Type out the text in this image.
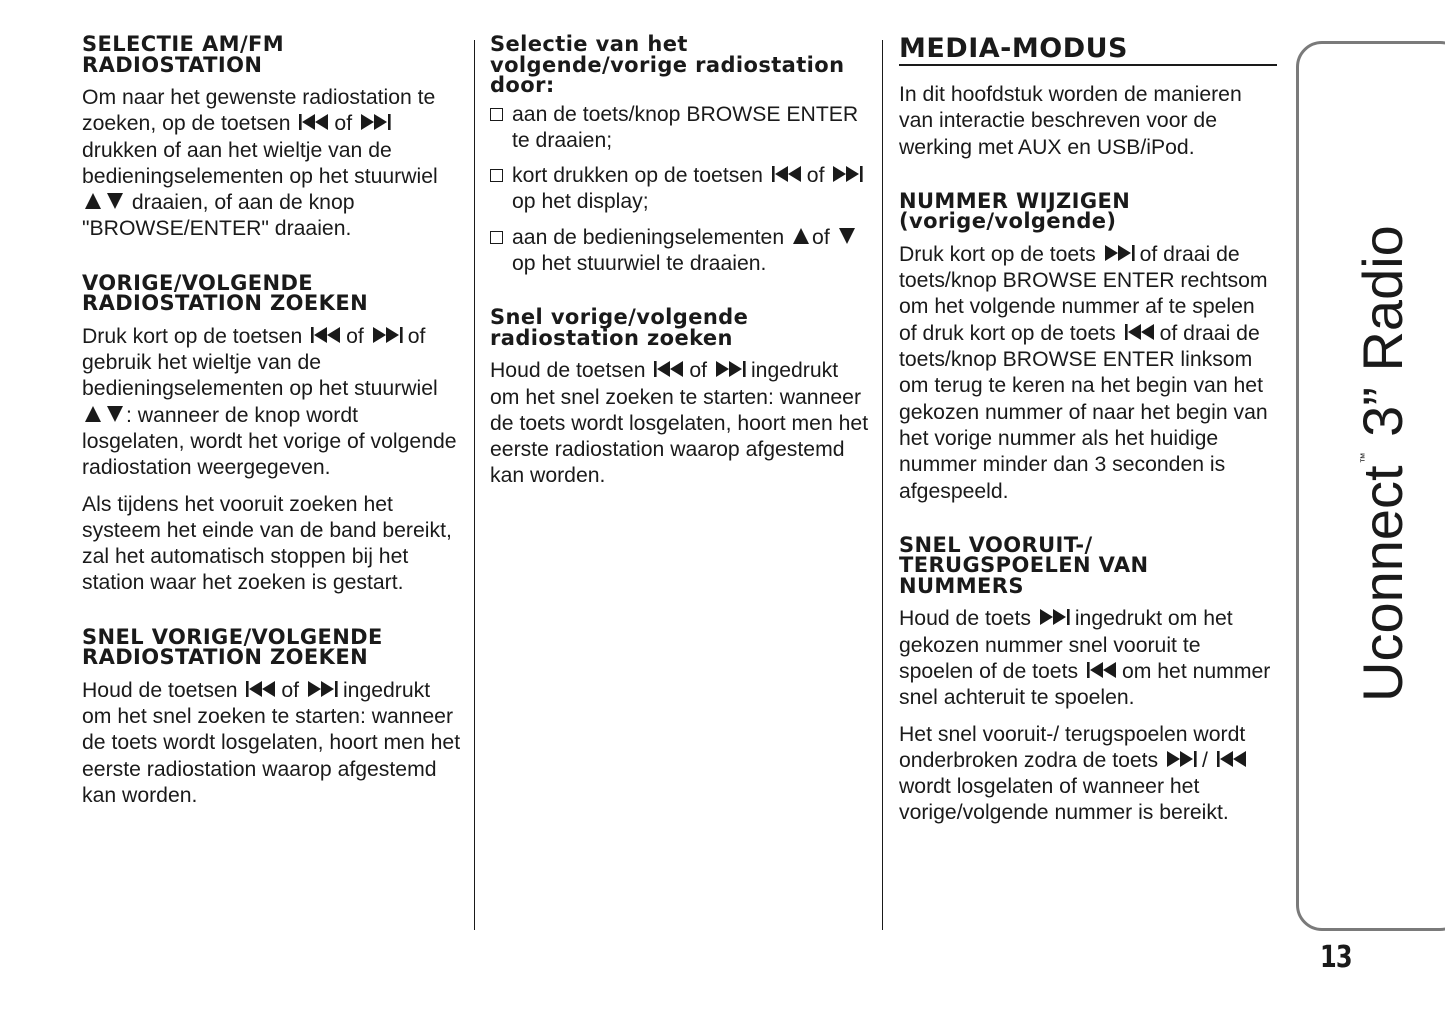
SELECTIE AM/FM RADIOSTATION

Om naar het gewenste radiostation te zoeken, op de toetsen of drukken of aan het wieltje van de bedieningselementen op het stuurwiel  draaien, of aan de knop "BROWSE/ENTER" draaien.

VORIGE/VOLGENDE RADIOSTATION ZOEKEN

Druk kort op de toetsen of of gebruik het wieltje van de bedieningselementen op het stuurwiel : wanneer de knop wordt losgelaten, wordt het vorige of volgende radiostation weergegeven.

Als tijdens het vooruit zoeken het systeem het einde van de band bereikt, zal het automatisch stoppen bij het station waar het zoeken is gestart.

SNEL VORIGE/VOLGENDE RADIOSTATION ZOEKEN

Houd de toetsen of ingedrukt om het snel zoeken te starten: wanneer de toets wordt losgelaten, hoort men het eerste radiostation waarop afgestemd kan worden.

Selectie van het volgende/vorige radiostation door:
aan de toets/knop BROWSE ENTER te draaien;
kort drukken op de toetsen of op het display;
aan de bedieningselementen of op het stuurwiel te draaien.
Snel vorige/volgende radiostation zoeken

Houd de toetsen of ingedrukt om het snel zoeken te starten: wanneer de toets wordt losgelaten, hoort men het eerste radiostation waarop afgestemd kan worden.

MEDIA-MODUS

In dit hoofdstuk worden de manieren van interactie beschreven voor de werking met AUX en USB/iPod.

NUMMER WIJZIGEN (vorige/volgende)

Druk kort op de toets of draai de toets/knop BROWSE ENTER rechtsom om het volgende nummer af te spelen of druk kort op de toets of draai de toets/knop BROWSE ENTER linksom om terug te keren na het begin van het gekozen nummer of naar het begin van het vorige nummer als het huidige nummer minder dan 3 seconden is afgespeeld.

SNEL VOORUIT-/ TERUGSPOELEN VAN NUMMERS

Houd de toets ingedrukt om het gekozen nummer snel vooruit te spoelen of de toets om het nummer snel achteruit te spoelen.

Het snel vooruit-/ terugspoelen wordt onderbroken zodra de toets / wordt losgelaten of wanneer het vorige/volgende nummer is bereikt.

Uconnect™ 3” Radio
13
